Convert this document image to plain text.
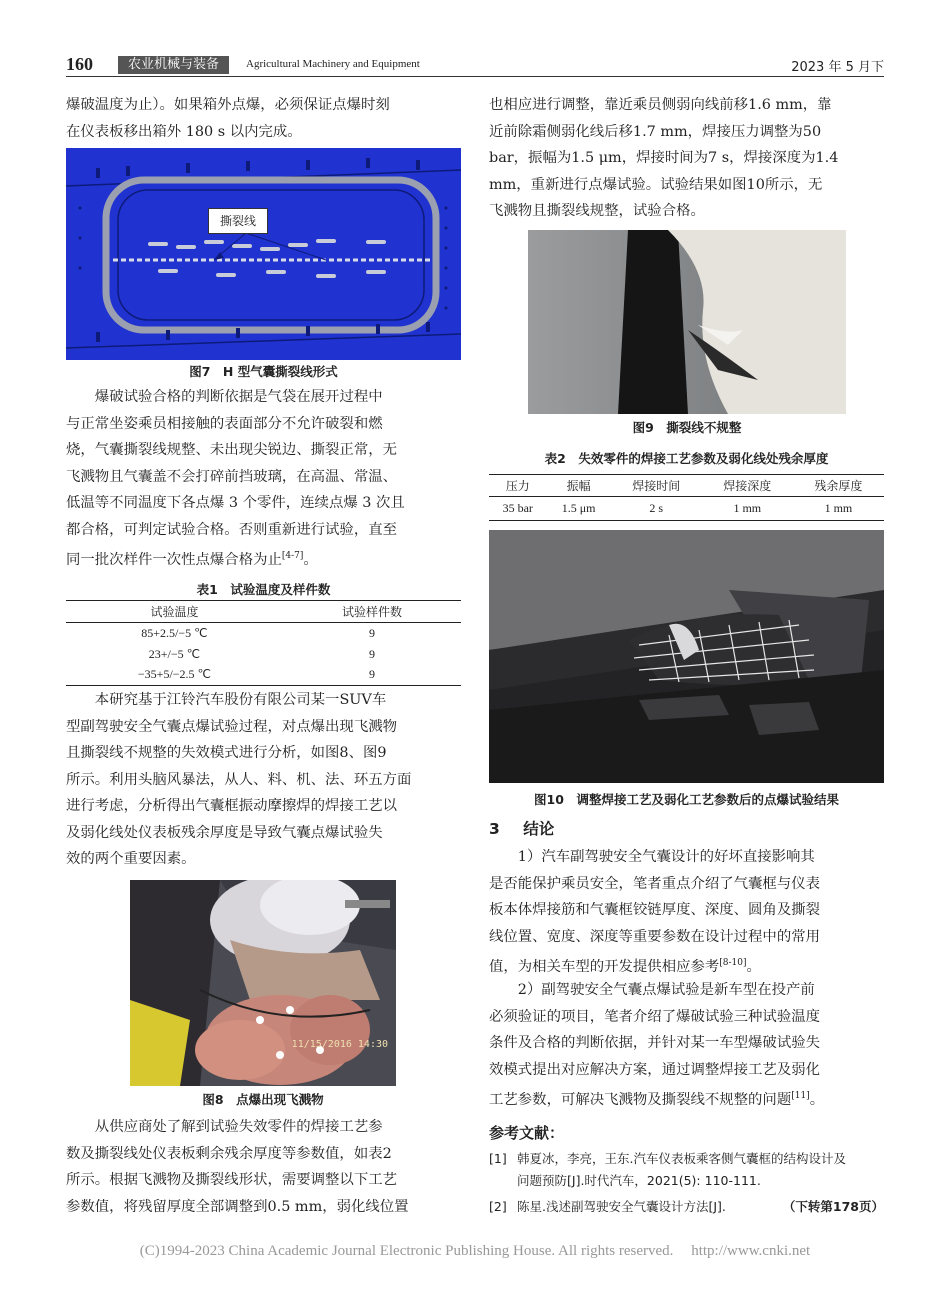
160	农业机械与装备	Agricultural Machinery and Equipment	2023 年 5 月下
爆破温度为止）。如果箱外点爆，必须保证点爆时刻
在仪表板移出箱外 180 s 以内完成。
撕裂线
图7　H 型气囊撕裂线形式
爆破试验合格的判断依据是气袋在展开过程中
与正常坐姿乘员相接触的表面部分不允许破裂和燃
烧，气囊撕裂线规整、未出现尖锐边、撕裂正常，无
飞溅物且气囊盖不会打碎前挡玻璃，在高温、常温、
低温等不同温度下各点爆 3 个零件，连续点爆 3 次且
都合格，可判定试验合格。否则重新进行试验，直至
同一批次样件一次性点爆合格为止[4-7]。
表1　试验温度及样件数
试验温度	试验样件数
85+2.5/−5 ℃	9
23+/−5 ℃	9
−35+5/−2.5 ℃	9
本研究基于江铃汽车股份有限公司某一SUV车
型副驾驶安全气囊点爆试验过程，对点爆出现飞溅物
且撕裂线不规整的失效模式进行分析，如图8、图9
所示。利用头脑风暴法，从人、料、机、法、环五方面
进行考虑，分析得出气囊框振动摩擦焊的焊接工艺以
及弱化线处仪表板残余厚度是导致气囊点爆试验失
效的两个重要因素。
11/15/2016 14:30
图8　点爆出现飞溅物
从供应商处了解到试验失效零件的焊接工艺参
数及撕裂线处仪表板剩余残余厚度等参数值，如表2
所示。根据飞溅物及撕裂线形状，需要调整以下工艺
参数值，将残留厚度全部调整到0.5 mm，弱化线位置
也相应进行调整，靠近乘员侧弱向线前移1.6 mm，靠
近前除霜侧弱化线后移1.7 mm，焊接压力调整为50
bar，振幅为1.5 μm，焊接时间为7 s，焊接深度为1.4
mm，重新进行点爆试验。试验结果如图10所示，无
飞溅物且撕裂线规整，试验合格。
图9　撕裂线不规整
表2　失效零件的焊接工艺参数及弱化线处残余厚度
压力	振幅	焊接时间	焊接深度	残余厚度
35 bar	1.5 μm	2 s	1 mm	1 mm
图10　调整焊接工艺及弱化工艺参数后的点爆试验结果
3 结论
1）汽车副驾驶安全气囊设计的好坏直接影响其
是否能保护乘员安全，笔者重点介绍了气囊框与仪表
板本体焊接筋和气囊框铰链厚度、深度、圆角及撕裂
线位置、宽度、深度等重要参数在设计过程中的常用
值，为相关车型的开发提供相应参考[8-10]。
2）副驾驶安全气囊点爆试验是新车型在投产前
必须验证的项目，笔者介绍了爆破试验三种试验温度
条件及合格的判断依据，并针对某一车型爆破试验失
效模式提出对应解决方案，通过调整焊接工艺及弱化
工艺参数，可解决飞溅物及撕裂线不规整的问题[11]。
参考文献：
[1] 韩夏冰，李亮，王东.汽车仪表板乘客侧气囊框的结构设计及
问题预防[J].时代汽车，2021(5): 110-111.
[2] 陈星.浅述副驾驶安全气囊设计方法[J].	（下转第178页）
(C)1994-2023 China Academic Journal Electronic Publishing House. All rights reserved. http://www.cnki.net
